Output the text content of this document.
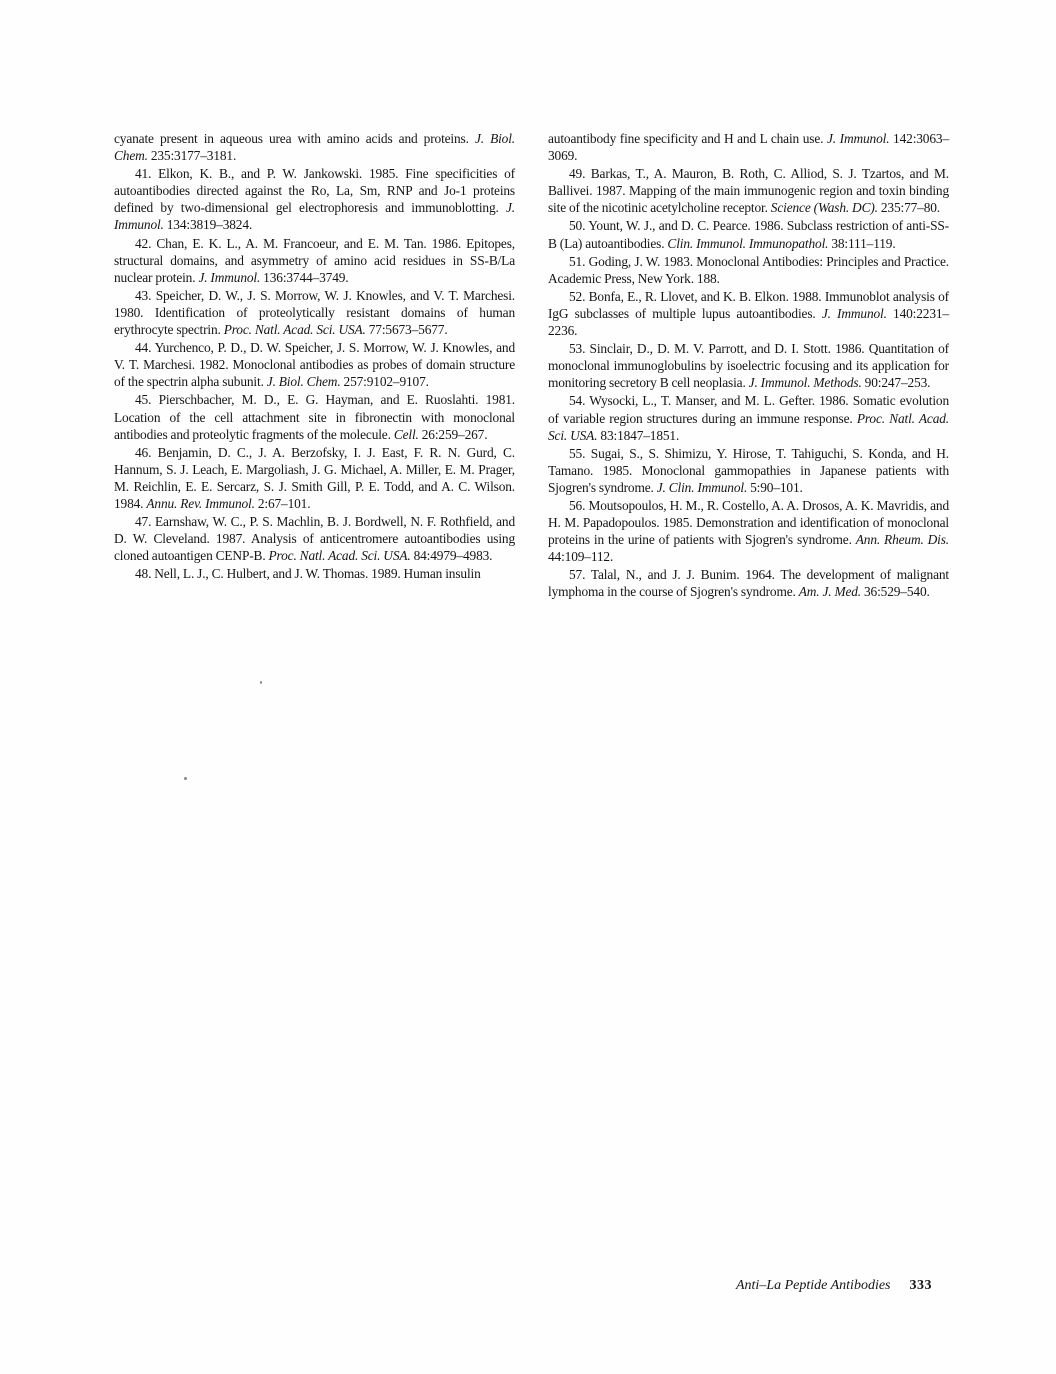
cyanate present in aqueous urea with amino acids and proteins. J. Biol. Chem. 235:3177–3181.

41. Elkon, K. B., and P. W. Jankowski. 1985. Fine specificities of autoantibodies directed against the Ro, La, Sm, RNP and Jo-1 proteins defined by two-dimensional gel electrophoresis and immunoblotting. J. Immunol. 134:3819–3824.

42. Chan, E. K. L., A. M. Francoeur, and E. M. Tan. 1986. Epitopes, structural domains, and asymmetry of amino acid residues in SS-B/La nuclear protein. J. Immunol. 136:3744–3749.

43. Speicher, D. W., J. S. Morrow, W. J. Knowles, and V. T. Marchesi. 1980. Identification of proteolytically resistant domains of human erythrocyte spectrin. Proc. Natl. Acad. Sci. USA. 77:5673–5677.

44. Yurchenco, P. D., D. W. Speicher, J. S. Morrow, W. J. Knowles, and V. T. Marchesi. 1982. Monoclonal antibodies as probes of domain structure of the spectrin alpha subunit. J. Biol. Chem. 257:9102–9107.

45. Pierschbacher, M. D., E. G. Hayman, and E. Ruoslahti. 1981. Location of the cell attachment site in fibronectin with monoclonal antibodies and proteolytic fragments of the molecule. Cell. 26:259–267.

46. Benjamin, D. C., J. A. Berzofsky, I. J. East, F. R. N. Gurd, C. Hannum, S. J. Leach, E. Margoliash, J. G. Michael, A. Miller, E. M. Prager, M. Reichlin, E. E. Sercarz, S. J. Smith Gill, P. E. Todd, and A. C. Wilson. 1984. Annu. Rev. Immunol. 2:67–101.

47. Earnshaw, W. C., P. S. Machlin, B. J. Bordwell, N. F. Rothfield, and D. W. Cleveland. 1987. Analysis of anticentromere autoantibodies using cloned autoantigen CENP-B. Proc. Natl. Acad. Sci. USA. 84:4979–4983.

48. Nell, L. J., C. Hulbert, and J. W. Thomas. 1989. Human insulin

autoantibody fine specificity and H and L chain use. J. Immunol. 142:3063–3069.

49. Barkas, T., A. Mauron, B. Roth, C. Alliod, S. J. Tzartos, and M. Ballivei. 1987. Mapping of the main immunogenic region and toxin binding site of the nicotinic acetylcholine receptor. Science (Wash. DC). 235:77–80.

50. Yount, W. J., and D. C. Pearce. 1986. Subclass restriction of anti-SS-B (La) autoantibodies. Clin. Immunol. Immunopathol. 38:111–119.

51. Goding, J. W. 1983. Monoclonal Antibodies: Principles and Practice. Academic Press, New York. 188.

52. Bonfa, E., R. Llovet, and K. B. Elkon. 1988. Immunoblot analysis of IgG subclasses of multiple lupus autoantibodies. J. Immunol. 140:2231–2236.

53. Sinclair, D., D. M. V. Parrott, and D. I. Stott. 1986. Quantitation of monoclonal immunoglobulins by isoelectric focusing and its application for monitoring secretory B cell neoplasia. J. Immunol. Methods. 90:247–253.

54. Wysocki, L., T. Manser, and M. L. Gefter. 1986. Somatic evolution of variable region structures during an immune response. Proc. Natl. Acad. Sci. USA. 83:1847–1851.

55. Sugai, S., S. Shimizu, Y. Hirose, T. Tahiguchi, S. Konda, and H. Tamano. 1985. Monoclonal gammopathies in Japanese patients with Sjogren's syndrome. J. Clin. Immunol. 5:90–101.

56. Moutsopoulos, H. M., R. Costello, A. A. Drosos, A. K. Mavridis, and H. M. Papadopoulos. 1985. Demonstration and identification of monoclonal proteins in the urine of patients with Sjogren's syndrome. Ann. Rheum. Dis. 44:109–112.

57. Talal, N., and J. J. Bunim. 1964. The development of malignant lymphoma in the course of Sjogren's syndrome. Am. J. Med. 36:529–540.

Anti–La Peptide Antibodies 333
